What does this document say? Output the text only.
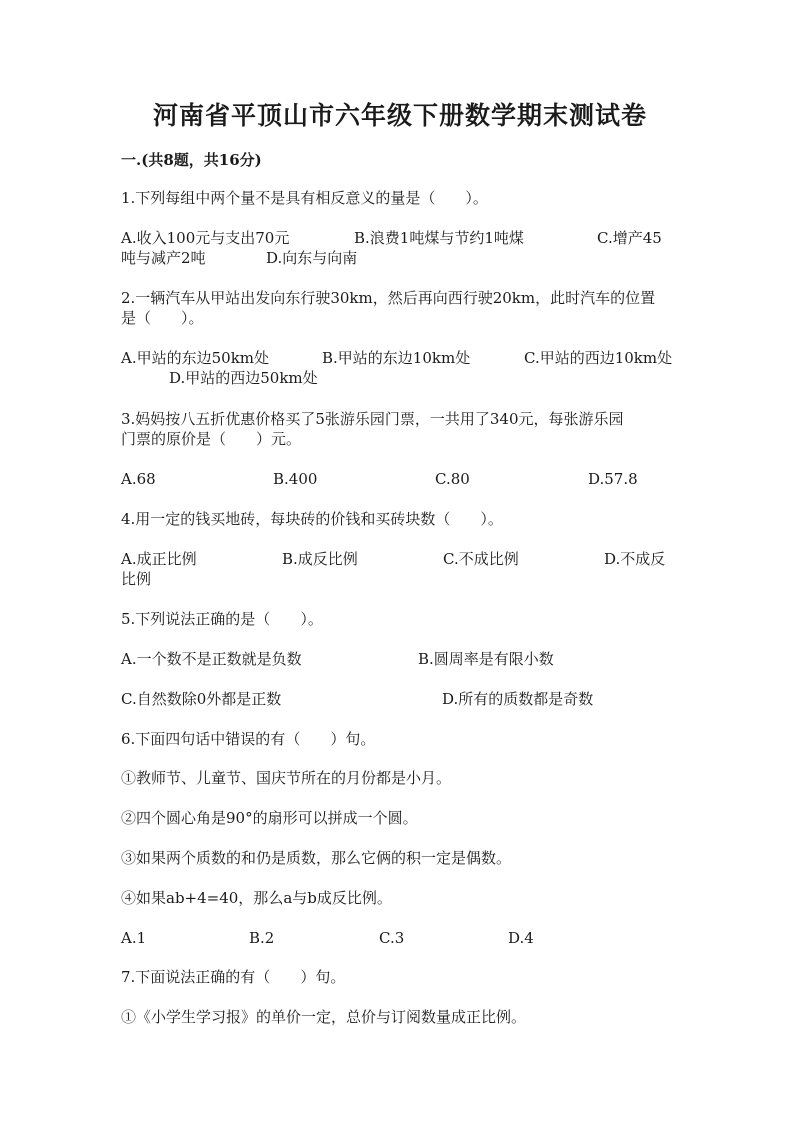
河南省平顶山市六年级下册数学期末测试卷
一.(共8题，共16分)
1.下列每组中两个量不是具有相反意义的量是（　　）。
A.收入100元与支出70元	B.浪费1吨煤与节约1吨煤	C.增产45
吨与减产2吨	D.向东与向南
2.一辆汽车从甲站出发向东行驶30km，然后再向西行驶20km，此时汽车的位置
是（　　）。
A.甲站的东边50km处	B.甲站的东边10km处	C.甲站的西边10km处
D.甲站的西边50km处
3.妈妈按八五折优惠价格买了5张游乐园门票，一共用了340元，每张游乐园
门票的原价是（　　）元。
A.68	B.400	C.80	D.57.8
4.用一定的钱买地砖，每块砖的价钱和买砖块数（　　）。
A.成正比例	B.成反比例	C.不成比例	D.不成反
比例
5.下列说法正确的是（　　）。
A.一个数不是正数就是负数	B.圆周率是有限小数
C.自然数除0外都是正数	D.所有的质数都是奇数
6.下面四句话中错误的有（　　）句。
①教师节、儿童节、国庆节所在的月份都是小月。
②四个圆心角是90°的扇形可以拼成一个圆。
③如果两个质数的和仍是质数，那么它俩的积一定是偶数。
④如果ab+4=40，那么a与b成反比例。
A.1	B.2	C.3	D.4
7.下面说法正确的有（　　）句。
①《小学生学习报》的单价一定，总价与订阅数量成正比例。
